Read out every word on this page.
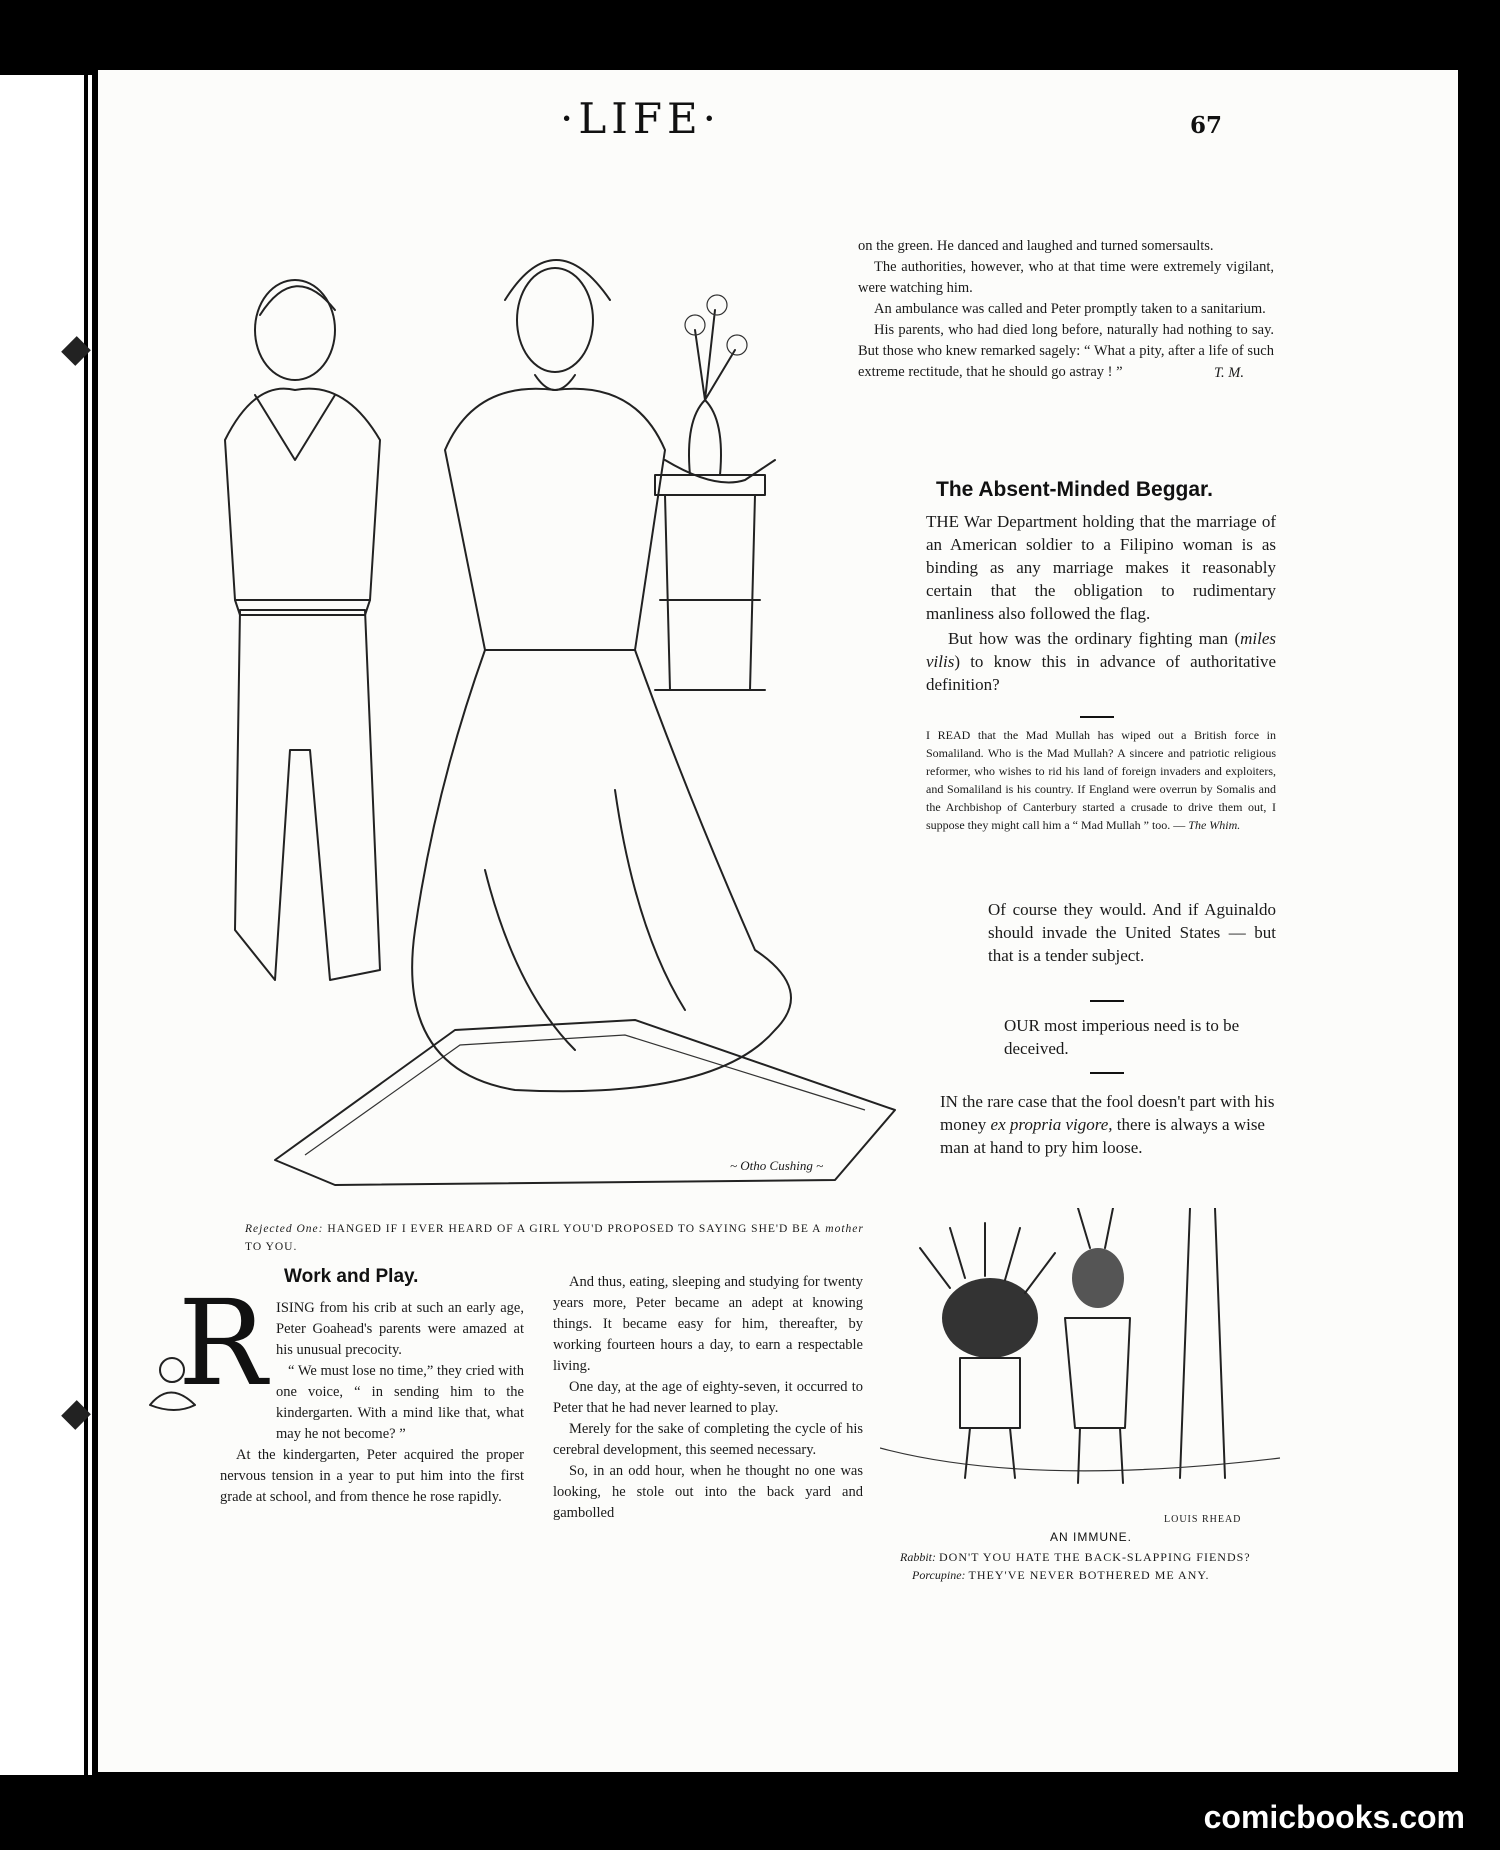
·LIFE·	67
~ Otho Cushing ~
Rejected One: HANGED IF I EVER HEARD OF A GIRL YOU'D PROPOSED TO SAYING SHE'D BE A mother TO YOU.

on the green. He danced and laughed and turned somersaults.

The authorities, however, who at that time were extremely vigilant, were watching him.

An ambulance was called and Peter promptly taken to a sanitarium.

His parents, who had died long before, naturally had nothing to say. But those who knew remarked sagely: “ What a pity, after a life of such extreme rectitude, that he should go astray ! ”	T. M.
The Absent-Minded Beggar.

THE War Department holding that the marriage of an American soldier to a Filipino woman is as binding as any marriage makes it reasonably certain that the obligation to rudimentary manliness also followed the flag.

But how was the ordinary fighting man (miles vilis) to know this in advance of authoritative definition?

I READ that the Mad Mullah has wiped out a British force in Somaliland. Who is the Mad Mullah? A sincere and patriotic religious reformer, who wishes to rid his land of foreign invaders and exploiters, and Somaliland is his country. If England were overrun by Somalis and the Archbishop of Canterbury started a crusade to drive them out, I suppose they might call him a “ Mad Mullah ” too. — The Whim.

Of course they would. And if Aguinaldo should invade the United States — but that is a tender subject.

OUR most imperious need is to be deceived.
IN the rare case that the fool doesn't part with his money ex propria vigore, there is always a wise man at hand to pry him loose.
Work and Play.
R ISING from his crib at such an early age, Peter Goahead's parents were amazed at his unusual precocity.

“ We must lose no time,” they cried with one voice, “ in sending him to the kindergarten. With a mind like that, what may he not become? ”

At the kindergarten, Peter acquired the proper nervous tension in a year to put him into the first grade at school, and from thence he rose rapidly.

And thus, eating, sleeping and studying for twenty years more, Peter became an adept at knowing things. It became easy for him, thereafter, by working fourteen hours a day, to earn a respectable living.

One day, at the age of eighty-seven, it occurred to Peter that he had never learned to play.

Merely for the sake of completing the cycle of his cerebral development, this seemed necessary.

So, in an odd hour, when he thought no one was looking, he stole out into the back yard and gambolled	LOUIS RHEAD
AN IMMUNE.
Rabbit: DON'T YOU HATE THE BACK-SLAPPING FIENDS?
Porcupine: THEY'VE NEVER BOTHERED ME ANY.
comicbooks.com
